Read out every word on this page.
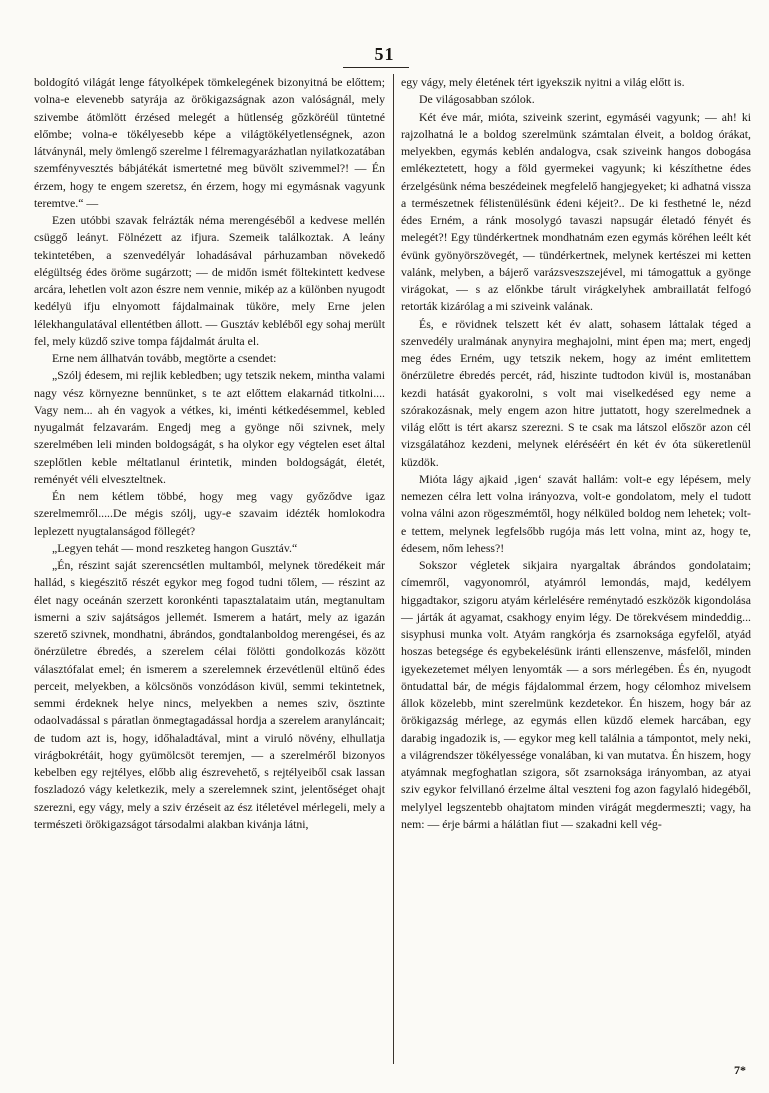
51

boldogító világát lenge fátyolképek tömkelegének bizonyitná be előttem; volna-e elevenebb satyrája az örökigazságnak azon valóságnál, mely szivembe átömlött érzésed melegét a hütlenség gőzköréül tüntetné előmbe; volna-e tökélyesebb képe a világtökélyetlenségnek, azon látványnál, mely ömlengő szerelme l félremagyarázhatlan nyilatkozatában szemfényvesztés bábjátékát ismertetné meg büvölt szivemmel?! — Én érzem, hogy te engem szeretsz, én érzem, hogy mi egymásnak vagyunk teremtve.“ —

Ezen utóbbi szavak felrázták néma merengéséből a kedvese mellén csüggő leányt. Fölnézett az ifjura. Szemeik találkoztak. A leány tekintetében, a szenvedélyár lohadásával párhuzamban növekedő elégültség édes öröme sugárzott; — de midőn ismét föltekintett kedvese arcára, lehetlen volt azon észre nem vennie, mikép az a különben nyugodt kedélyü ifju elnyomott fájdalmainak tüköre, mely Erne jelen lélekhangulatával ellentétben állott. — Gusztáv kebléből egy sohaj merült fel, mely küzdő szive tompa fájdalmát árulta el.

Erne nem állhatván tovább, megtörte a csendet:

„Szólj édesem, mi rejlik kebledben; ugy tetszik nekem, mintha valami nagy vész környezne bennünket, s te azt előttem elakarnád titkolni.... Vagy nem... ah én vagyok a vétkes, ki, iménti kétkedésemmel, kebled nyugalmát felzavarám. Engedj meg a gyönge női szivnek, mely szerelmében leli minden boldogságát, s ha olykor egy végtelen eset által szeplőtlen keble méltatlanul érintetik, minden boldogságát, életét, reményét véli elveszteltnek.

Én nem kétlem többé, hogy meg vagy győződve igaz szerelmemről.....De mégis szólj, ugy-e szavaim idézték homlokodra leplezett nyugtalanságod föllegét?

„Legyen tehát — mond reszketeg hangon Gusztáv.“

„Én, részint saját szerencsétlen multamból, melynek töredékeit már hallád, s kiegészitő részét egykor meg fogod tudni tőlem, — részint az élet nagy oceánán szerzett koronkénti tapasztalataim után, megtanultam ismerni a sziv sajátságos jellemét. Ismerem a határt, mely az igazán szerető szivnek, mondhatni, ábrándos, gondtalanboldog merengései, és az önérzületre ébredés, a szerelem célai fölötti gondolkozás között választófalat emel; én ismerem a szerelemnek érzevétlenül eltünő édes perceit, melyekben, a kölcsönös vonzódáson kivül, semmi tekintetnek, semmi érdeknek helye nincs, melyekben a nemes sziv, ösztinte odaolvadással s páratlan önmegtagadással hordja a szerelem aranyláncait; de tudom azt is, hogy, időhaladtával, mint a viruló növény, elhullatja virágbokrétáit, hogy gyümölcsöt teremjen, — a szerelméről bizonyos kebelben egy rejtélyes, előbb alig észrevehető, s rejtélyeiből csak lassan foszladozó vágy keletkezik, mely a szerelemnek szint, jelentőséget ohajt szerezni, egy vágy, mely a sziv érzéseit az ész itéletével mérlegeli, mely a természeti örökigazságot társodalmi alakban kivánja látni,

egy vágy, mely életének tért igyekszik nyitni a világ előtt is.

De világosabban szólok.

Két éve már, mióta, sziveink szerint, egymáséi vagyunk; — ah! ki rajzolhatná le a boldog szerelmünk számtalan élveit, a boldog órákat, melyekben, egymás keblén andalogva, csak sziveink hangos dobogása emlékeztetett, hogy a föld gyermekei vagyunk; ki készíthetne édes érzelgésünk néma beszédeinek megfelelő hangjegyeket; ki adhatná vissza a természetnek félistenülésünk édeni kéjeit?.. De ki festhetné le, nézd édes Erném, a ránk mosolygó tavaszi napsugár életadó fényét és melegét?! Egy tündérkertnek mondhatnám ezen egymás köréhen leélt két évünk gyönyörszövegét, — tündérkertnek, melynek kertészei mi ketten valánk, melyben, a bájerő varázsveszszejével, mi támogattuk a gyönge virágokat, — s az előnkbe tárult virágkelyhek ambraillatát felfogó retorták kizárólag a mi sziveink valának.

És, e rövidnek telszett két év alatt, sohasem láttalak téged a szenvedély uralmának anynyira meghajolni, mint épen ma; mert, engedj meg édes Erném, ugy tetszik nekem, hogy az imént emlitettem önérzületre ébredés percét, rád, hiszinte tudtodon kivül is, mostanában kezdi hatását gyakorolni, s volt mai viselkedésed egy neme a szórakozásnak, mely engem azon hitre juttatott, hogy szerelmednek a világ előtt is tért akarsz szerezni. S te csak ma látszol először azon cél vizsgálatához kezdeni, melynek eléréséért én két év óta sükeretlenül küzdök.

Mióta lágy ajkaid ‚igen‘ szavát hallám: volt-e egy lépésem, mely nemezen célra lett volna irányozva, volt-e gondolatom, mely el tudott volna válni azon rögeszmémtől, hogy nélküled boldog nem lehetek; volt-e tettem, melynek legfelsőbb rugója más lett volna, mint az, hogy te, édesem, nőm lehess?!

Sokszor végletek sikjaira nyargaltak ábrándos gondolataim; címemről, vagyonomról, atyámról lemondás, majd, kedélyem higgadtakor, szigoru atyám kérlelésére reménytadó eszközök kigondolása — járták át agyamat, csakhogy enyim légy. De törekvésem mindeddig... sisyphusi munka volt. Atyám rangkórja és zsarnoksága egyfelől, atyád hoszas betegsége és egybekelésünk iránti ellenszenve, másfelől, minden igyekezetemet mélyen lenyomták — a sors mérlegében. És én, nyugodt öntudattal bár, de mégis fájdalommal érzem, hogy célomhoz mivelsem állok közelebb, mint szerelmünk kezdetekor. Én hiszem, hogy bár az örökigazság mérlege, az egymás ellen küzdő elemek harcában, egy darabig ingadozik is, — egykor meg kell találnia a támpontot, mely neki, a világrendszer tökélyessége vonalában, ki van mutatva. Én hiszem, hogy atyámnak megfoghatlan szigora, sőt zsarnoksága irányomban, az atyai sziv egykor felvillanó érzelme által veszteni fog azon fagylaló hidegéből, melylyel legszentebb ohajtatom minden virágát megdermeszti; vagy, ha nem: — érje bármi a hálátlan fiut — szakadni kell vég-

7*
